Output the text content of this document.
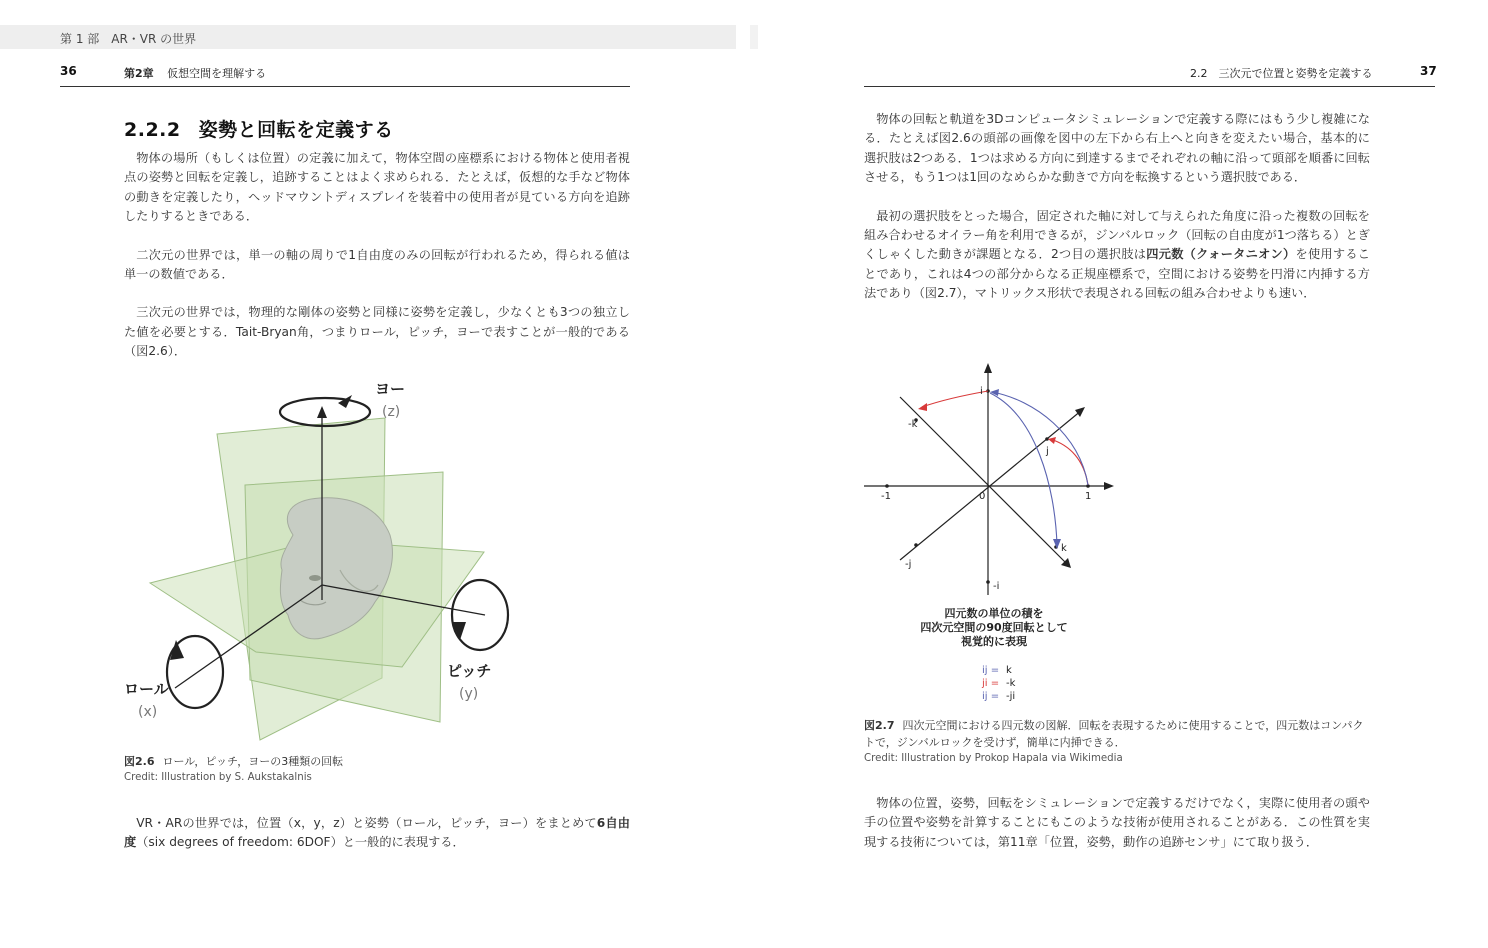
第 1 部　AR・VR の世界
36	第2章 仮想空間を理解する
2.2.2 姿勢と回転を定義する

物体の場所（もしくは位置）の定義に加えて，物体空間の座標系における物体と使用者視点の姿勢と回転を定義し，追跡することはよく求められる．たとえば，仮想的な手など物体の動きを定義したり，ヘッドマウントディスプレイを装着中の使用者が見ている方向を追跡したりするときである．

二次元の世界では，単一の軸の周りで1自由度のみの回転が行われるため，得られる値は単一の数値である．

三次元の世界では，物理的な剛体の姿勢と同様に姿勢を定義し，少なくとも3つの独立した値を必要とする．Tait-Bryan角，つまりロール，ピッチ，ヨーで表すことが一般的である（図2.6）．

ヨー
(z)
ピッチ
(y)
ロール
(x)
図2.6 ロール，ピッチ，ヨーの3種類の回転
Credit: Illustration by S. Aukstakalnis

VR・ARの世界では，位置（x，y，z）と姿勢（ロール，ピッチ，ヨー）をまとめて6自由度（six degrees of freedom: 6DOF）と一般的に表現する．

2.2　三次元で位置と姿勢を定義する	37

物体の回転と軌道を3Dコンピュータシミュレーションで定義する際にはもう少し複雑になる．たとえば図2.6の頭部の画像を図中の左下から右上へと向きを変えたい場合，基本的に選択肢は2つある．1つは求める方向に到達するまでそれぞれの軸に沿って頭部を順番に回転させる，もう1つは1回のなめらかな動きで方向を転換するという選択肢である．

最初の選択肢をとった場合，固定された軸に対して与えられた角度に沿った複数の回転を組み合わせるオイラー角を利用できるが，ジンバルロック（回転の自由度が1つ落ちる）とぎくしゃくした動きが課題となる．2つ目の選択肢は四元数（クォータニオン）を使用することであり，これは4つの部分からなる正規座標系で，空間における姿勢を円滑に内挿する方法であり（図2.7），マトリックス形状で表現される回転の組み合わせよりも速い．

i
-i
j
-j
k
-k
1
-1	0
四元数の単位の積を
四次元空間の90度回転として
視覚的に表現
ij = k
ji = -k
ij = -ji
図2.7 四次元空間における四元数の図解．回転を表現するために使用することで，四元数はコンパクトで，ジンバルロックを受けず，簡単に内挿できる．
Credit: Illustration by Prokop Hapala via Wikimedia

物体の位置，姿勢，回転をシミュレーションで定義するだけでなく，実際に使用者の頭や手の位置や姿勢を計算することにもこのような技術が使用されることがある．この性質を実現する技術については，第11章「位置，姿勢，動作の追跡センサ」にて取り扱う．
